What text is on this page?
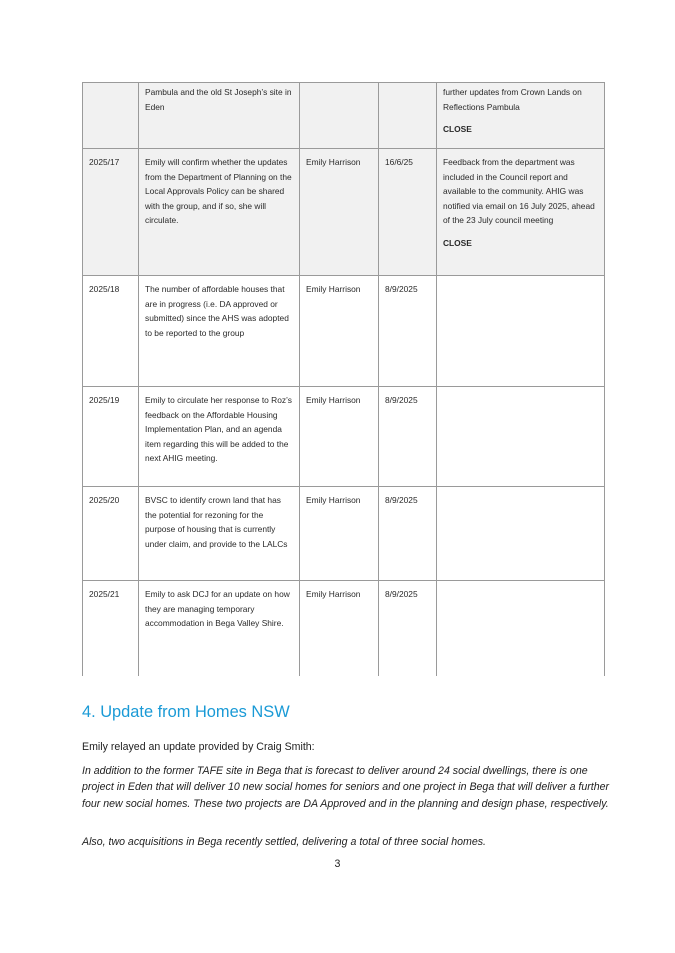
	Pambula and the old St Joseph’s site in Eden			further updates from Crown Lands on Reflections Pambula
CLOSE

2025/17	Emily will confirm whether the updates from the Department of Planning on the Local Approvals Policy can be shared with the group, and if so, she will circulate.	Emily Harrison	16/6/25	Feedback from the department was included in the Council report and available to the community. AHIG was notified via email on 16 July 2025, ahead of the 23 July council meeting
CLOSE

2025/18	The number of affordable houses that are in progress (i.e. DA approved or submitted) since the AHS was adopted to be reported to the group	Emily Harrison	8/9/2025	

2025/19	Emily to circulate her response to Roz’s feedback on the Affordable Housing Implementation Plan, and an agenda item regarding this will be added to the next AHIG meeting.	Emily Harrison	8/9/2025	

2025/20	BVSC to identify crown land that has the potential for rezoning for the purpose of housing that is currently under claim, and provide to the LALCs	Emily Harrison	8/9/2025	

2025/21	Emily to ask DCJ for an update on how they are managing temporary accommodation in Bega Valley Shire.	Emily Harrison	8/9/2025	

4. Update from Homes NSW

Emily relayed an update provided by Craig Smith:

In addition to the former TAFE site in Bega that is forecast to deliver around 24 social dwellings, there is one project in Eden that will deliver 10 new social homes for seniors and one project in Bega that will deliver a further four new social homes. These two projects are DA Approved and in the planning and design phase, respectively.

Also, two acquisitions in Bega recently settled, delivering a total of three social homes.

3
